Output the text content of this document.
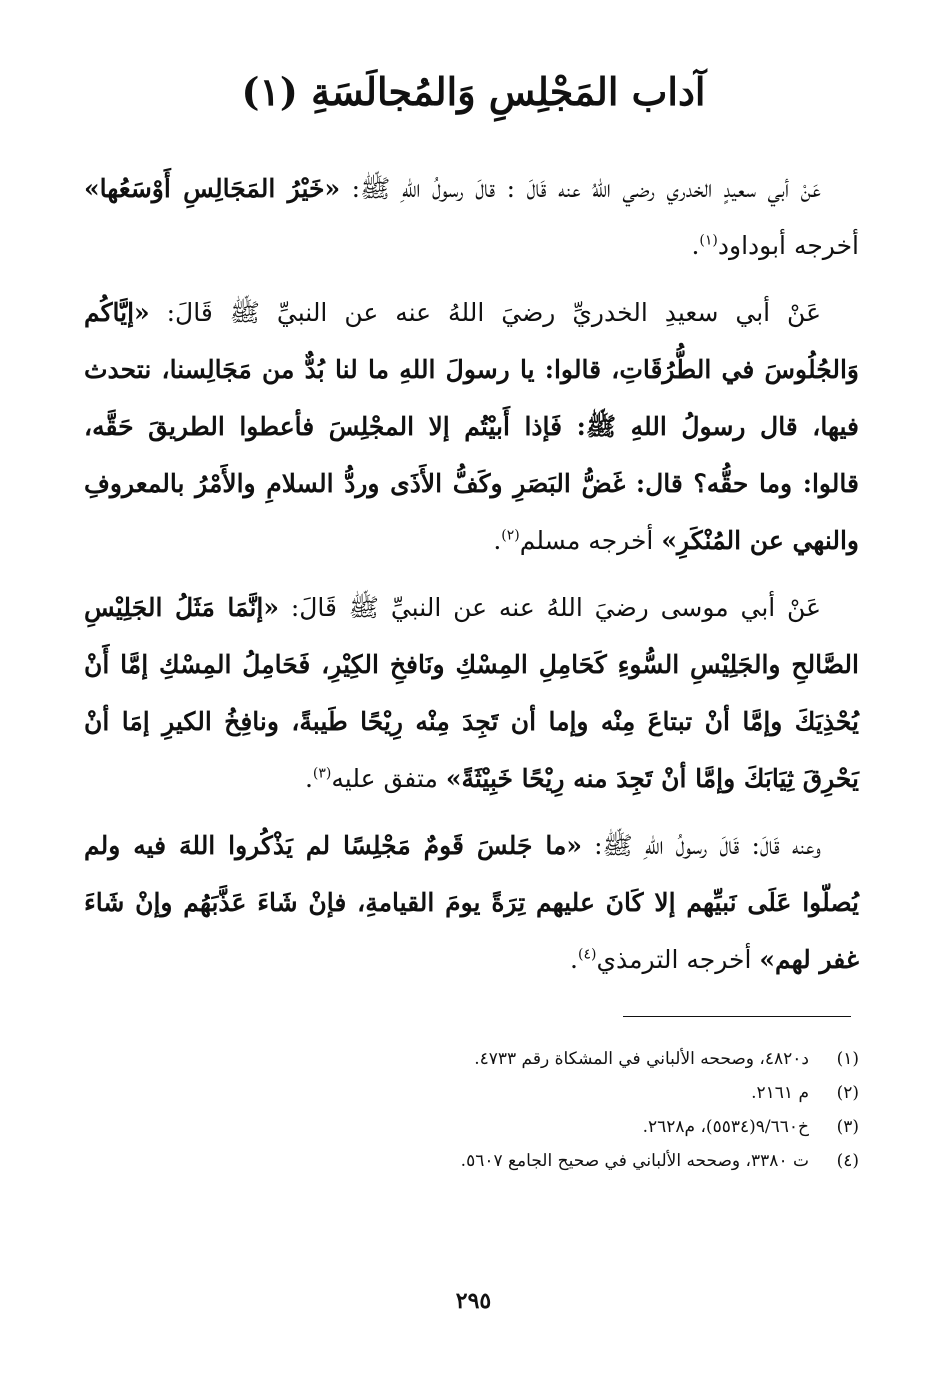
آداب المَجْلِسِ وَالمُجالَسَةِ (١)

عَنْ أبي سعيدٍ الخدري رضي اللهُ عنه قَالَ : قالَ رسولُ اللهِ ﷺ: «خَيْرُ المَجَالِسِ أَوْسَعُها» أخرجه أبوداود$^{(١)}$.

عَنْ أبي سعيدِ الخدريِّ رضيَ اللهُ عنه عن النبيِّ ﷺ قَالَ: «إيَّاكُم وَالجُلُوسَ في الطُّرُقَاتِ، قالوا: يا رسولَ اللهِ ما لنا بُدٌّ من مَجَالِسنا، نتحدث فيها، قال رسولُ اللهِ ﷺ: فَإذا أَبيْتُم إلا المجْلِسَ فأعطوا الطريقَ حَقَّه، قالوا: وما حقُّه؟ قال: غَضُّ البَصَرِ وكَفُّ الأَذَى وردُّ السلامِ والأَمْرُ بالمعروفِ والنهي عن المُنْكَرِ» أخرجه مسلم$^{(٢)}$.

عَنْ أبي موسى رضيَ اللهُ عنه عن النبيِّ ﷺ قَالَ: «إنَّمَا مَثَلُ الجَلِيْسِ الصَّالحِ والجَلِيْسِ السُّوءِ كَحَامِلِ المِسْكِ ونَافخِ الكِيْرِ، فَحَامِلُ المِسْكِ إمَّا أَنْ يُحْذِيَكَ وإمَّا أنْ تبتاعَ مِنْه وإما أن تَجِدَ مِنْه رِيْحًا طَيبةً، ونافِخُ الكيرِ إمَا أنْ يَحْرِقَ ثِيَابَكَ وإمَّا أنْ تَجِدَ منه رِيْحًا خَبِيْثَةً» متفق عليه$^{(٣)}$.

وعنه قَالَ: قَالَ رسولُ اللهِ ﷺ: «ما جَلسَ قَومٌ مَجْلِسًا لم يَذْكُروا اللهَ فيه ولم يُصلّوا عَلَى نَبيِّهم إلا كَانَ عليهم تِرَةً يومَ القيامةِ، فإنْ شَاءَ عَذَّبَهُم وإنْ شَاءَ غفر لهم» أخرجه الترمذي$^{(٤)}$.

(١)
د٤٨٢٠، وصححه الألباني في المشكاة رقم ٤٧٣٣.
(٢)
م ٢١٦١.
(٣)
خ٩/٦٦٠(٥٥٣٤)، م٢٦٢٨.
(٤)
ت ٣٣٨٠، وصححه الألباني في صحيح الجامع ٥٦٠٧.
٢٩٥
